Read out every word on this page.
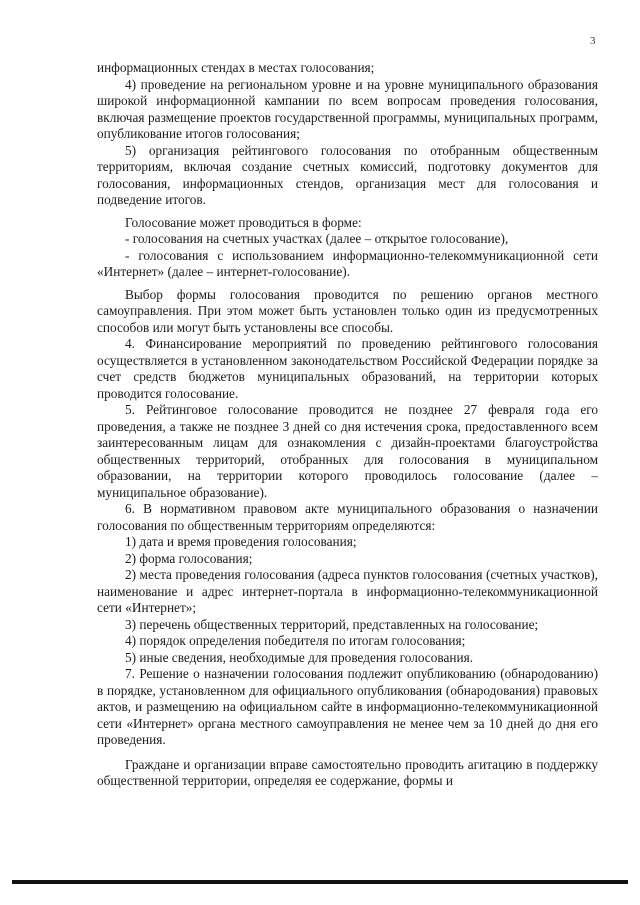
3

информационных стендах в местах голосования;

4) проведение на региональном уровне и на уровне муниципального образования широкой информационной кампании по всем вопросам проведения голосования, включая размещение проектов государственной программы, муниципальных программ, опубликование итогов голосования;

5) организация рейтингового голосования по отобранным общественным территориям, включая создание счетных комиссий, подготовку документов для голосования, информационных стендов, организация мест для голосования и подведение итогов.

Голосование может проводиться в форме:

- голосования на счетных участках (далее – открытое голосование),

- голосования с использованием информационно-телекоммуникационной сети «Интернет» (далее – интернет-голосование).

Выбор формы голосования проводится по решению органов местного самоуправления. При этом может быть установлен только один из предусмотренных способов или могут быть установлены все способы.

4. Финансирование мероприятий по проведению рейтингового голосования осуществляется в установленном законодательством Российской Федерации порядке за счет средств бюджетов муниципальных образований, на территории которых проводится голосование.

5. Рейтинговое голосование проводится не позднее 27 февраля года его проведения, а также не позднее 3 дней со дня истечения срока, предоставленного всем заинтересованным лицам для ознакомления с дизайн-проектами благоустройства общественных территорий, отобранных для голосования в муниципальном образовании, на территории которого проводилось голосование (далее – муниципальное образование).

6. В нормативном правовом акте муниципального образования о назначении голосования по общественным территориям определяются:

1) дата и время проведения голосования;

2) форма голосования;

2) места проведения голосования (адреса пунктов голосования (счетных участков), наименование и адрес интернет-портала в информационно-телекоммуникационной сети «Интернет»;

3) перечень общественных территорий, представленных на голосование;

4) порядок определения победителя по итогам голосования;

5) иные сведения, необходимые для проведения голосования.

7. Решение о назначении голосования подлежит опубликованию (обнародованию) в порядке, установленном для официального опубликования (обнародования) правовых актов, и размещению на официальном сайте в информационно-телекоммуникационной сети «Интернет» органа местного самоуправления не менее чем за 10 дней до дня его проведения.

Граждане и организации вправе самостоятельно проводить агитацию в поддержку общественной территории, определяя ее содержание, формы и
